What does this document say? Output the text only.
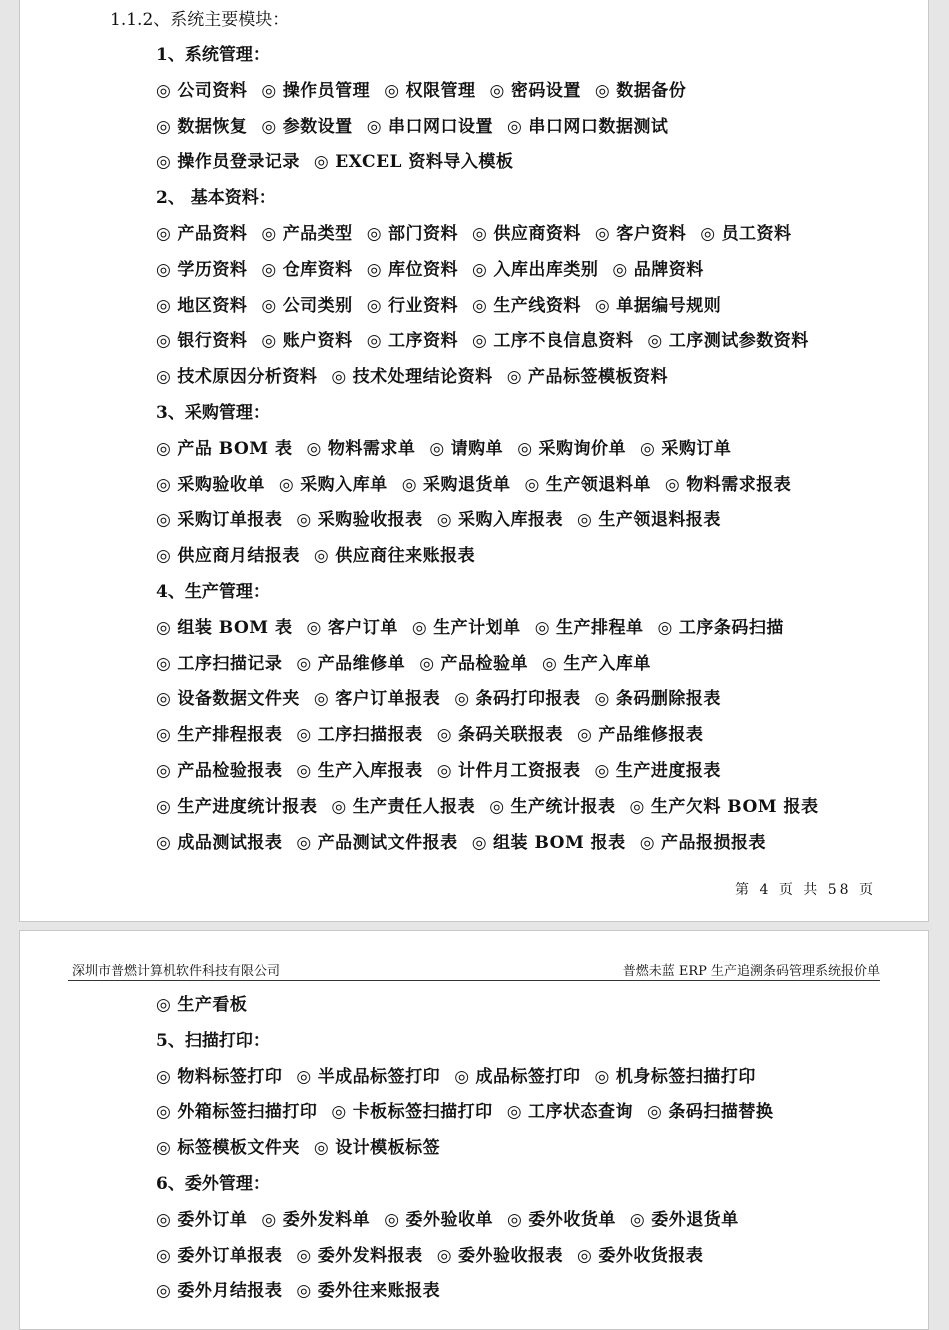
1.1.2、系统主要模块：
1、系统管理：
◎ 公司资料 ◎ 操作员管理 ◎ 权限管理 ◎ 密码设置 ◎ 数据备份
◎ 数据恢复 ◎ 参数设置 ◎ 串口网口设置 ◎ 串口网口数据测试
◎ 操作员登录记录 ◎ EXCEL 资料导入模板
2、 基本资料：
◎ 产品资料 ◎ 产品类型 ◎ 部门资料 ◎ 供应商资料 ◎ 客户资料 ◎ 员工资料
◎ 学历资料 ◎ 仓库资料 ◎ 库位资料 ◎ 入库出库类别 ◎ 品牌资料
◎ 地区资料 ◎ 公司类别 ◎ 行业资料 ◎ 生产线资料 ◎ 单据编号规则
◎ 银行资料 ◎ 账户资料 ◎ 工序资料 ◎ 工序不良信息资料 ◎ 工序测试参数资料
◎ 技术原因分析资料 ◎ 技术处理结论资料 ◎ 产品标签模板资料
3、采购管理：
◎ 产品 BOM 表 ◎ 物料需求单 ◎ 请购单 ◎ 采购询价单 ◎ 采购订单
◎ 采购验收单 ◎ 采购入库单 ◎ 采购退货单 ◎ 生产领退料单 ◎ 物料需求报表
◎ 采购订单报表 ◎ 采购验收报表 ◎ 采购入库报表 ◎ 生产领退料报表
◎ 供应商月结报表 ◎ 供应商往来账报表
4、生产管理：
◎ 组装 BOM 表 ◎ 客户订单 ◎ 生产计划单 ◎ 生产排程单 ◎ 工序条码扫描
◎ 工序扫描记录 ◎ 产品维修单 ◎ 产品检验单 ◎ 生产入库单
◎ 设备数据文件夹 ◎ 客户订单报表 ◎ 条码打印报表 ◎ 条码删除报表
◎ 生产排程报表 ◎ 工序扫描报表 ◎ 条码关联报表 ◎ 产品维修报表
◎ 产品检验报表 ◎ 生产入库报表 ◎ 计件月工资报表 ◎ 生产进度报表
◎ 生产进度统计报表 ◎ 生产责任人报表 ◎ 生产统计报表 ◎ 生产欠料 BOM 报表
◎ 成品测试报表 ◎ 产品测试文件报表 ◎ 组装 BOM 报表 ◎ 产品报损报表
第 4 页 共 58 页
深圳市普燃计算机软件科技有限公司	普燃未蓝 ERP 生产追溯条码管理系统报价单
◎ 生产看板
5、扫描打印：
◎ 物料标签打印 ◎ 半成品标签打印 ◎ 成品标签打印 ◎ 机身标签扫描打印
◎ 外箱标签扫描打印 ◎ 卡板标签扫描打印 ◎ 工序状态查询 ◎ 条码扫描替换
◎ 标签模板文件夹 ◎ 设计模板标签
6、委外管理：
◎ 委外订单 ◎ 委外发料单 ◎ 委外验收单 ◎ 委外收货单 ◎ 委外退货单
◎ 委外订单报表 ◎ 委外发料报表 ◎ 委外验收报表 ◎ 委外收货报表
◎ 委外月结报表 ◎ 委外往来账报表
